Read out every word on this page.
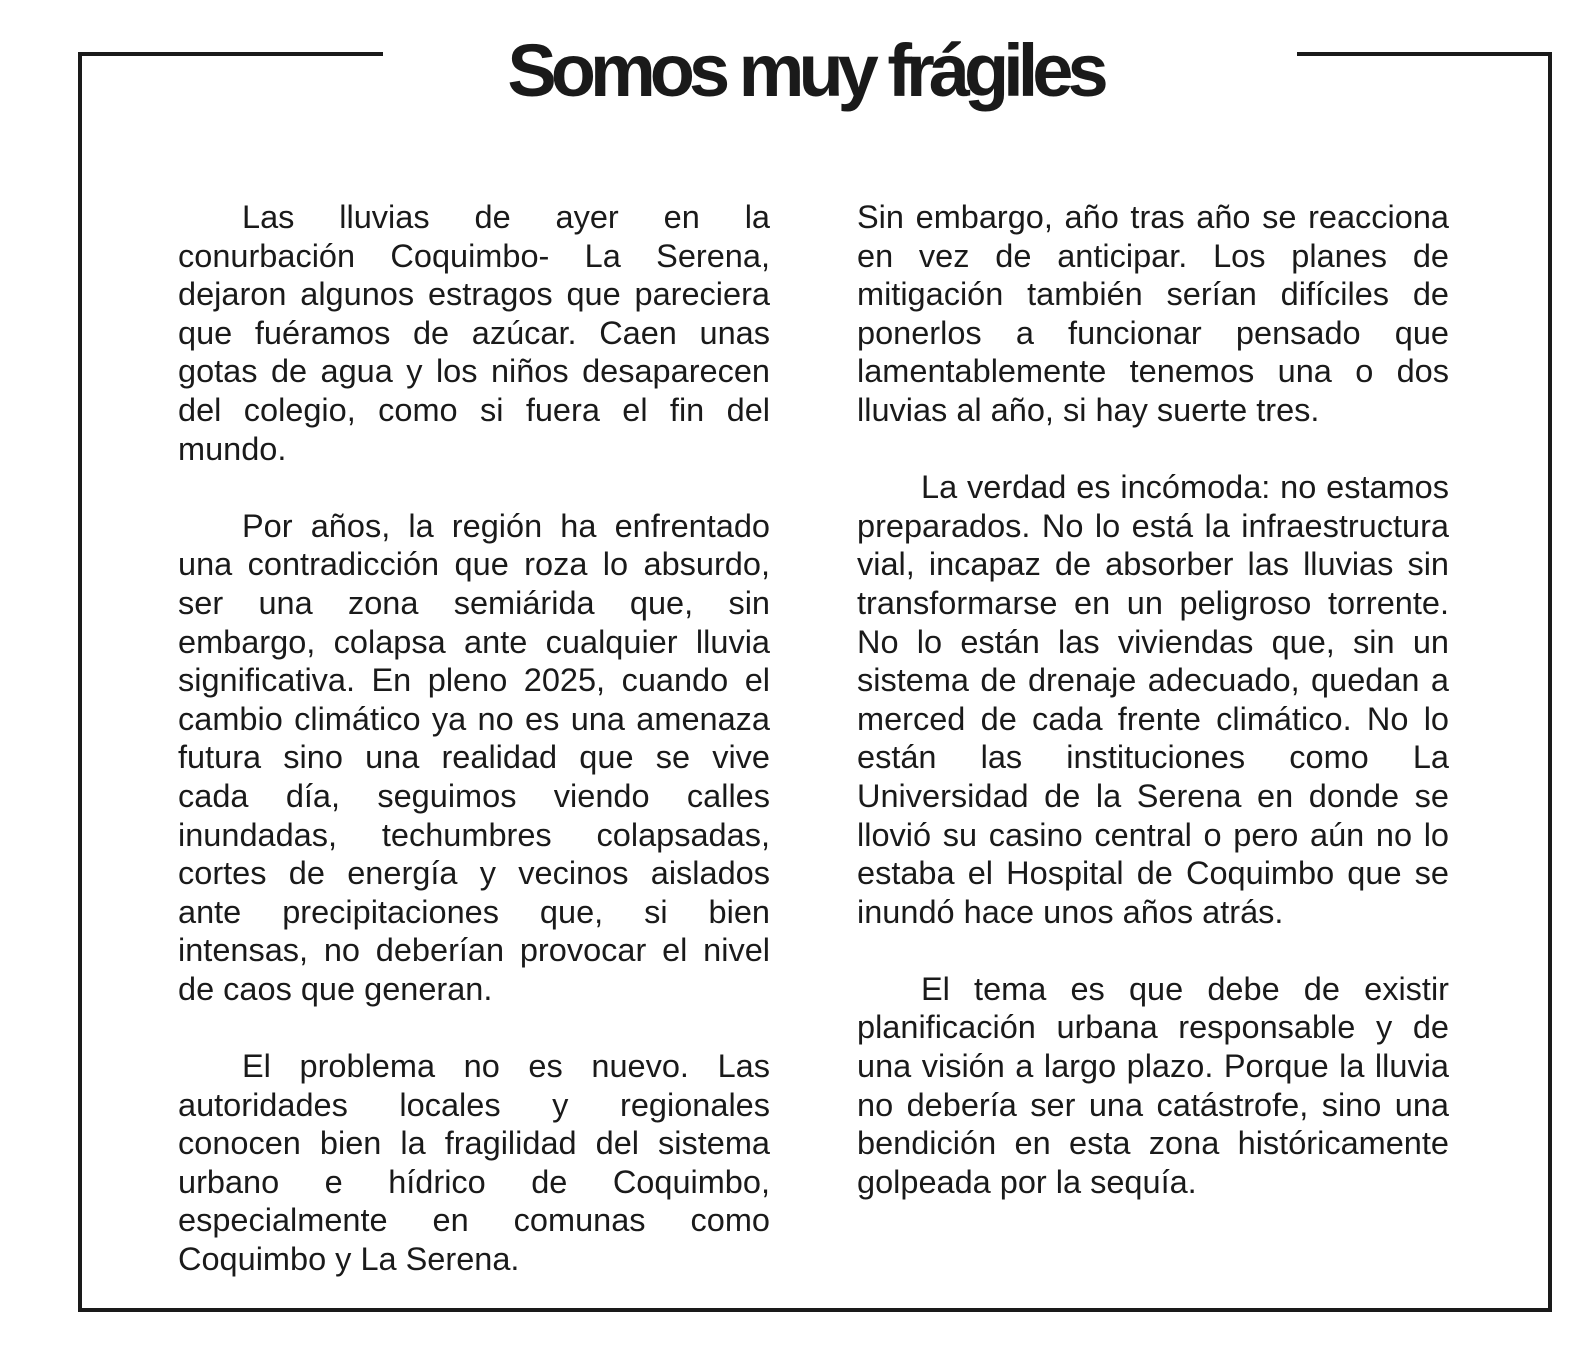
Somos muy frágiles

Las lluvias de ayer en la conurbación Coquimbo- La Serena, dejaron algunos estragos que pareciera que fuéramos de azúcar. Caen unas gotas de agua y los niños desaparecen del colegio, como si fuera el fin del mundo.

Por años, la región ha enfrentado una contradicción que roza lo absurdo, ser una zona semiárida que, sin embargo, colapsa ante cualquier lluvia significativa. En pleno 2025, cuando el cambio climático ya no es una amenaza futura sino una realidad que se vive cada día, seguimos viendo calles inundadas, techumbres colapsadas, cortes de energía y vecinos aislados ante precipitaciones que, si bien intensas, no deberían provocar el nivel de caos que generan.

El problema no es nuevo. Las autoridades locales y regionales conocen bien la fragilidad del sistema urbano e hídrico de Coquimbo, especialmente en comunas como Coquimbo y La Serena.

Sin embargo, año tras año se reacciona en vez de anticipar. Los planes de mitigación también serían difíciles de ponerlos a funcionar pensado que lamentablemente tenemos una o dos lluvias al año, si hay suerte tres.

La verdad es incómoda: no estamos preparados. No lo está la infraestructura vial, incapaz de absorber las lluvias sin transformarse en un peligroso torrente. No lo están las viviendas que, sin un sistema de drenaje adecuado, quedan a merced de cada frente climático. No lo están las instituciones como La Universidad de la Serena en donde se llovió su casino central o pero aún no lo estaba el Hospital de Coquimbo que se inundó hace unos años atrás.

El tema es que debe de existir planificación urbana responsable y de una visión a largo plazo. Porque la lluvia no debería ser una catástrofe, sino una bendición en esta zona históricamente golpeada por la sequía.
